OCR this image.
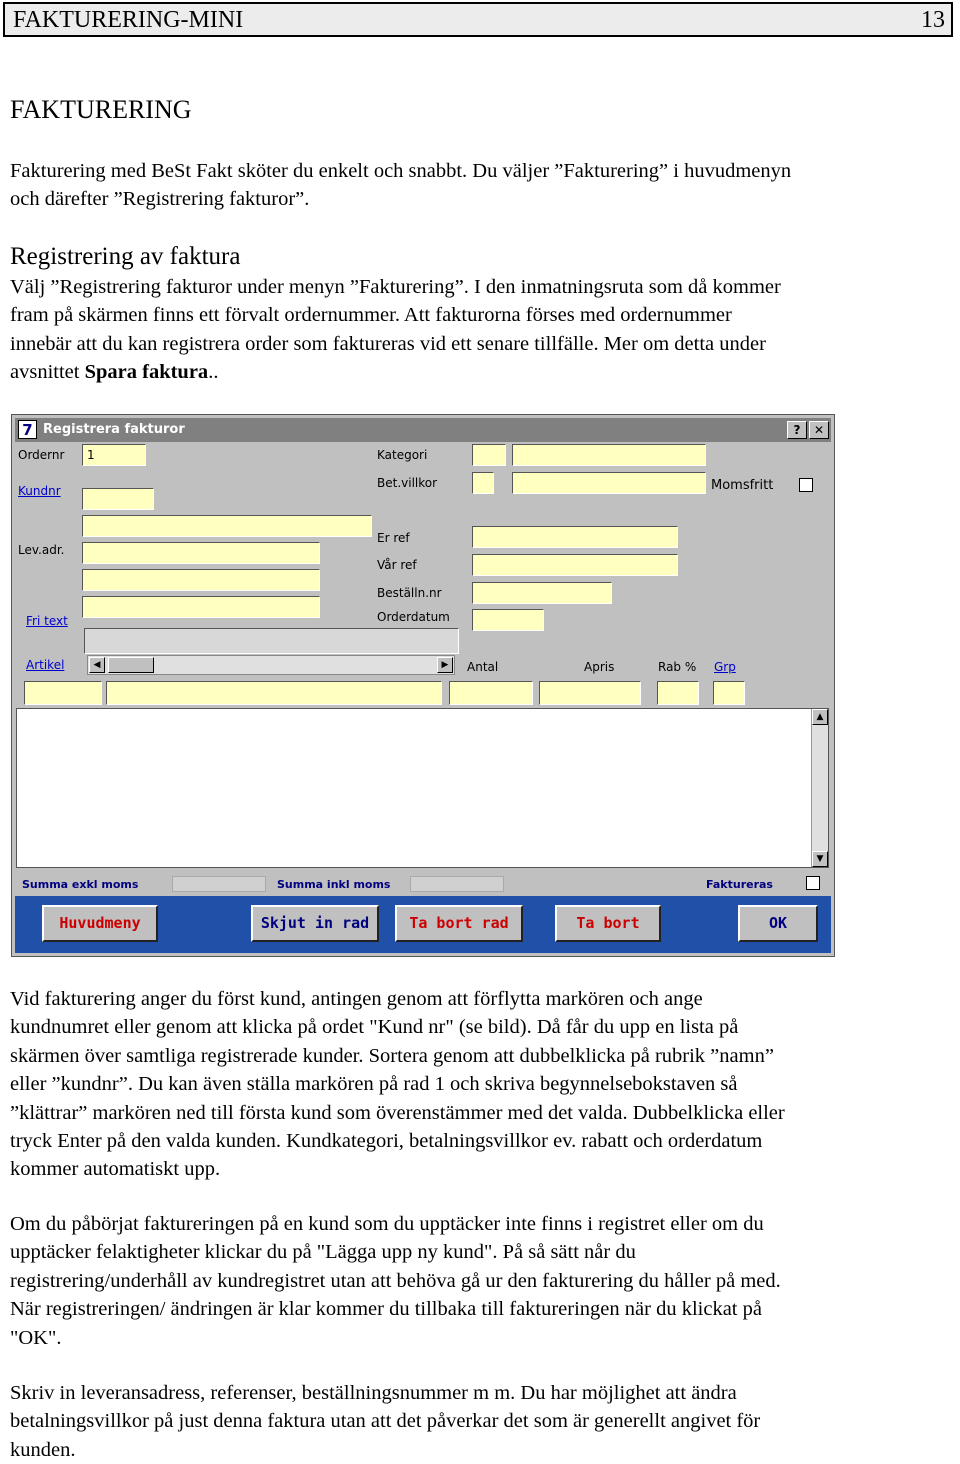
FAKTURERING-MINI	13
FAKTURERING

Fakturering med BeSt Fakt sköter du enkelt och snabbt. Du väljer ”Fakturering” i huvudmenyn
och därefter ”Registrering fakturor”.

Registrering av faktura

Välj ”Registrering fakturor under menyn ”Fakturering”. I den inmatningsruta som då kommer
fram på skärmen finns ett förvalt ordernummer. Att fakturorna förses med ordernummer
innebär att du kan registrera order som faktureras vid ett senare tillfälle. Mer om detta under
avsnittet Spara faktura..

7 Registrera fakturor	?	✕
Ordernr	1
Kundnr
Lev.adr.
Fri text
Artikel	◀	▶
Kategori
Bet.villkor	Momsfritt
Er ref
Vår ref
Beställn.nr
Orderdatum
Antal	Apris	Rab % Grp
▲
▼
Summa exkl moms	Summa inkl moms	Faktureras
Huvudmeny	Skjut in rad	Ta bort rad	Ta bort	OK

Vid fakturering anger du först kund, antingen genom att förflytta markören och ange
kundnumret eller genom att klicka på ordet "Kund nr" (se bild). Då får du upp en lista på
skärmen över samtliga registrerade kunder. Sortera genom att dubbelklicka på rubrik ”namn”
eller ”kundnr”. Du kan även ställa markören på rad 1 och skriva begynnelsebokstaven så
”klättrar” markören ned till första kund som överenstämmer med det valda. Dubbelklicka eller
tryck Enter på den valda kunden. Kundkategori, betalningsvillkor ev. rabatt och orderdatum
kommer automatiskt upp.

Om du påbörjat faktureringen på en kund som du upptäcker inte finns i registret eller om du
upptäcker felaktigheter klickar du på "Lägga upp ny kund". På så sätt når du
registrering/underhåll av kundregistret utan att behöva gå ur den fakturering du håller på med.
När registreringen/ ändringen är klar kommer du tillbaka till faktureringen när du klickat på
"OK".

Skriv in leveransadress, referenser, beställningsnummer m m. Du har möjlighet att ändra
betalningsvillkor på just denna faktura utan att det påverkar det som är generellt angivet för
kunden.
